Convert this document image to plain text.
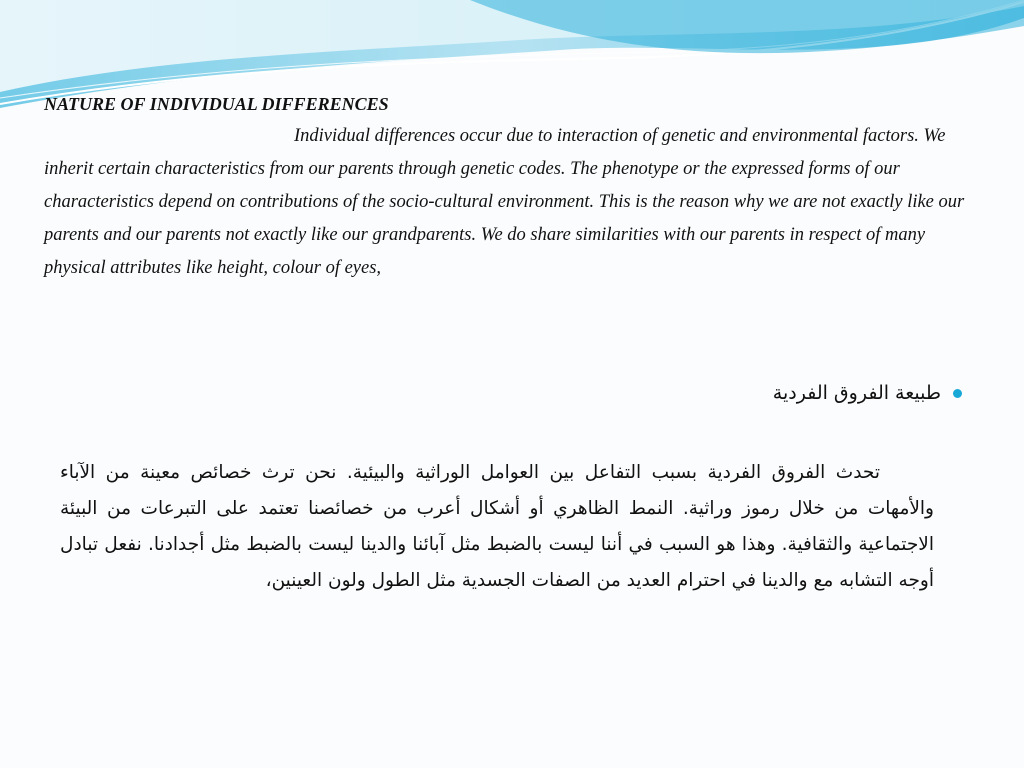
NATURE OF INDIVIDUAL DIFFERENCES
Individual differences occur due to interaction of genetic and environmental factors. We inherit certain characteristics from our parents through genetic codes. The phenotype or the expressed forms of our characteristics depend on contributions of the socio-cultural environment. This is the reason why we are not exactly like our parents and our parents not exactly like our grandparents. We do share similarities with our parents in respect of many physical attributes like height, colour of eyes,
طبيعة الفروق الفردية
تحدث الفروق الفردية بسبب التفاعل بين العوامل الوراثية والبيئية. نحن ترث خصائص معينة من الآباء والأمهات من خلال رموز وراثية. النمط الظاهري أو أشكال أعرب من خصائصنا تعتمد على التبرعات من البيئة الاجتماعية والثقافية. وهذا هو السبب في أننا ليست بالضبط مثل آبائنا والدينا ليست بالضبط مثل أجدادنا. نفعل تبادل أوجه التشابه مع والدينا في احترام العديد من الصفات الجسدية مثل الطول ولون العينين،
